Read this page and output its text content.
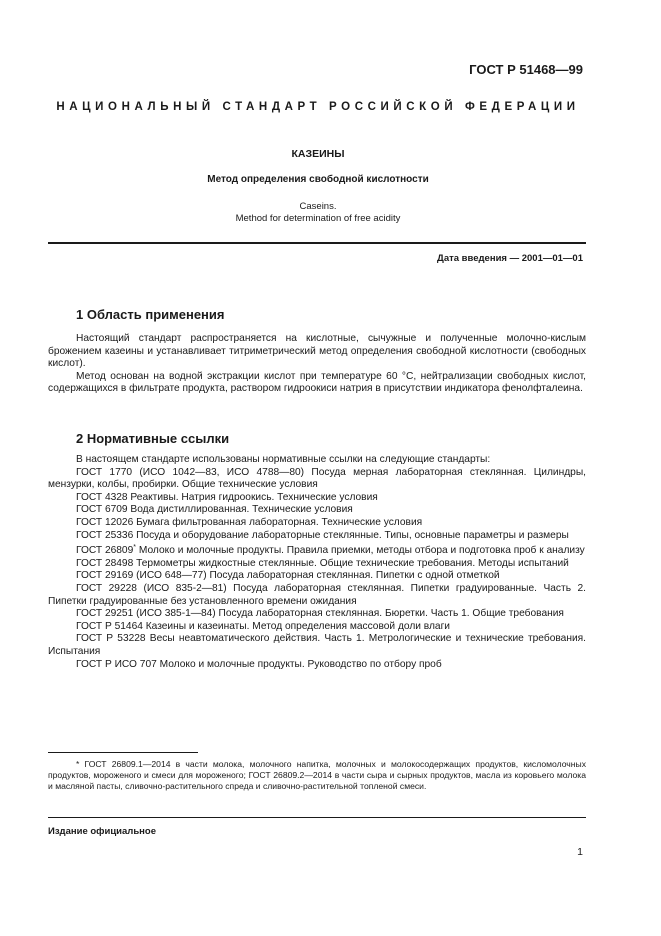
ГОСТ Р 51468—99
НАЦИОНАЛЬНЫЙ СТАНДАРТ РОССИЙСКОЙ ФЕДЕРАЦИИ
КАЗЕИНЫ
Метод определения свободной кислотности
Caseins.
Method for determination of free acidity
Дата введения — 2001—01—01
1 Область применения

Настоящий стандарт распространяется на кислотные, сычужные и полученные молочно-кислым брожением казеины и устанавливает титриметрический метод определения свободной кислотности (свободных кислот).

Метод основан на водной экстракции кислот при температуре 60 °С, нейтрализации свободных кислот, содержащихся в фильтрате продукта, раствором гидроокиси натрия в присутствии индикатора фенолфталеина.

2 Нормативные ссылки

В настоящем стандарте использованы нормативные ссылки на следующие стандарты:

ГОСТ 1770 (ИСО 1042—83, ИСО 4788—80) Посуда мерная лабораторная стеклянная. Цилиндры, мензурки, колбы, пробирки. Общие технические условия

ГОСТ 4328 Реактивы. Натрия гидроокись. Технические условия

ГОСТ 6709 Вода дистиллированная. Технические условия

ГОСТ 12026 Бумага фильтрованная лабораторная. Технические условия

ГОСТ 25336 Посуда и оборудование лабораторные стеклянные. Типы, основные параметры и размеры

ГОСТ 26809* Молоко и молочные продукты. Правила приемки, методы отбора и подготовка проб к анализу

ГОСТ 28498 Термометры жидкостные стеклянные. Общие технические требования. Методы испытаний

ГОСТ 29169 (ИСО 648—77) Посуда лабораторная стеклянная. Пипетки с одной отметкой

ГОСТ 29228 (ИСО 835-2—81) Посуда лабораторная стеклянная. Пипетки градуированные. Часть 2. Пипетки градуированные без установленного времени ожидания

ГОСТ 29251 (ИСО 385-1—84) Посуда лабораторная стеклянная. Бюретки. Часть 1. Общие требования

ГОСТ Р 51464 Казеины и казеинаты. Метод определения массовой доли влаги

ГОСТ Р 53228 Весы неавтоматического действия. Часть 1. Метрологические и технические требования. Испытания

ГОСТ Р ИСО 707 Молоко и молочные продукты. Руководство по отбору проб

* ГОСТ 26809.1—2014 в части молока, молочного напитка, молочных и молокосодержащих продуктов, кисломолочных продуктов, мороженого и смеси для мороженого; ГОСТ 26809.2—2014 в части сыра и сырных продуктов, масла из коровьего молока и масляной пасты, сливочно-растительного спреда и сливочно-растительной топленой смеси.

Издание официальное
1
